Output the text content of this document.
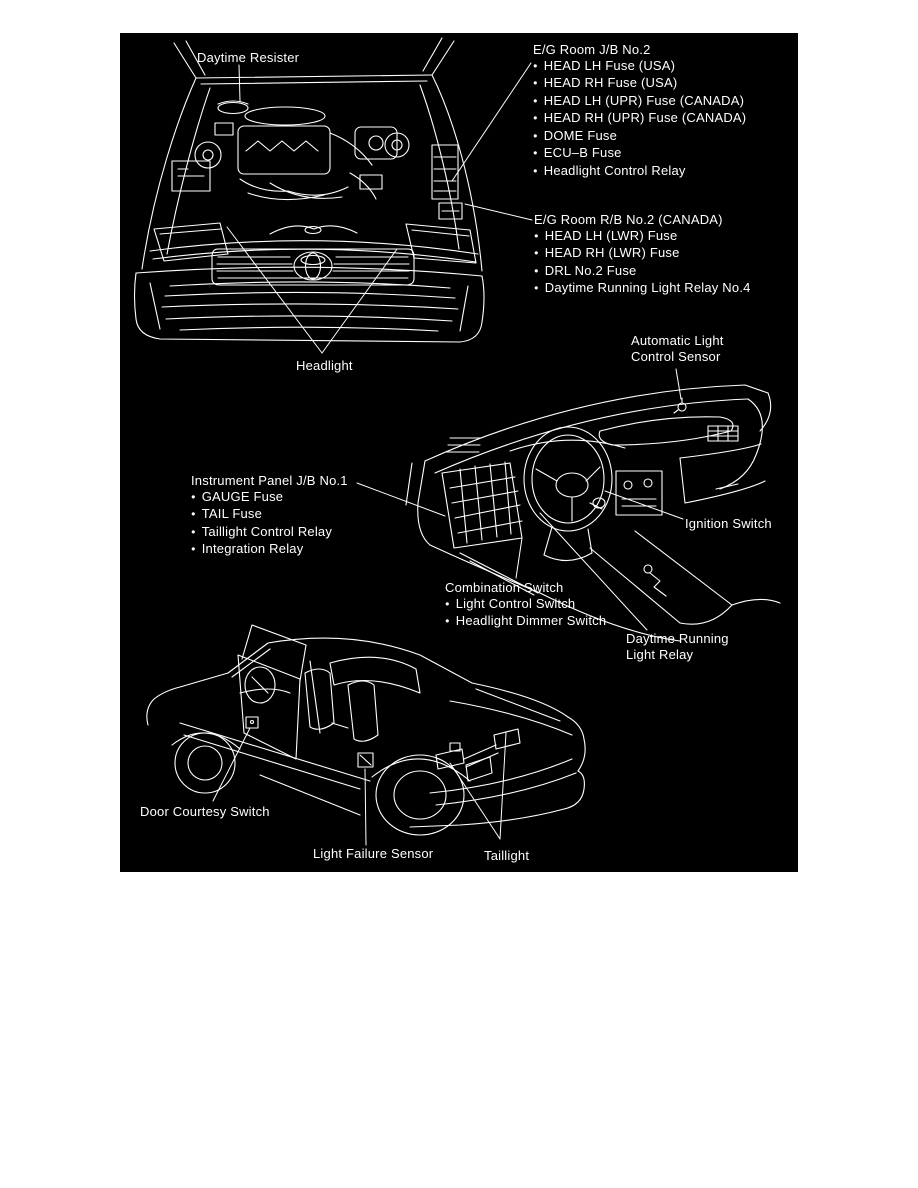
Daytime Resister
E/G Room J/B No.2
● HEAD LH Fuse (USA)
● HEAD RH Fuse (USA)
● HEAD LH (UPR) Fuse (CANADA)
● HEAD RH (UPR) Fuse (CANADA)
● DOME Fuse
● ECU–B Fuse
● Headlight Control Relay
E/G Room R/B No.2 (CANADA)
● HEAD LH (LWR) Fuse
● HEAD RH (LWR) Fuse
● DRL No.2 Fuse
● Daytime Running Light Relay No.4
Headlight
Automatic Light
Control Sensor
Instrument Panel J/B No.1
● GAUGE Fuse
● TAIL Fuse
● Taillight Control Relay
● Integration Relay
Ignition Switch
Combination Switch
● Light Control Switch
● Headlight Dimmer Switch
Daytime Running
Light Relay
Door Courtesy Switch
Light Failure Sensor	Taillight
